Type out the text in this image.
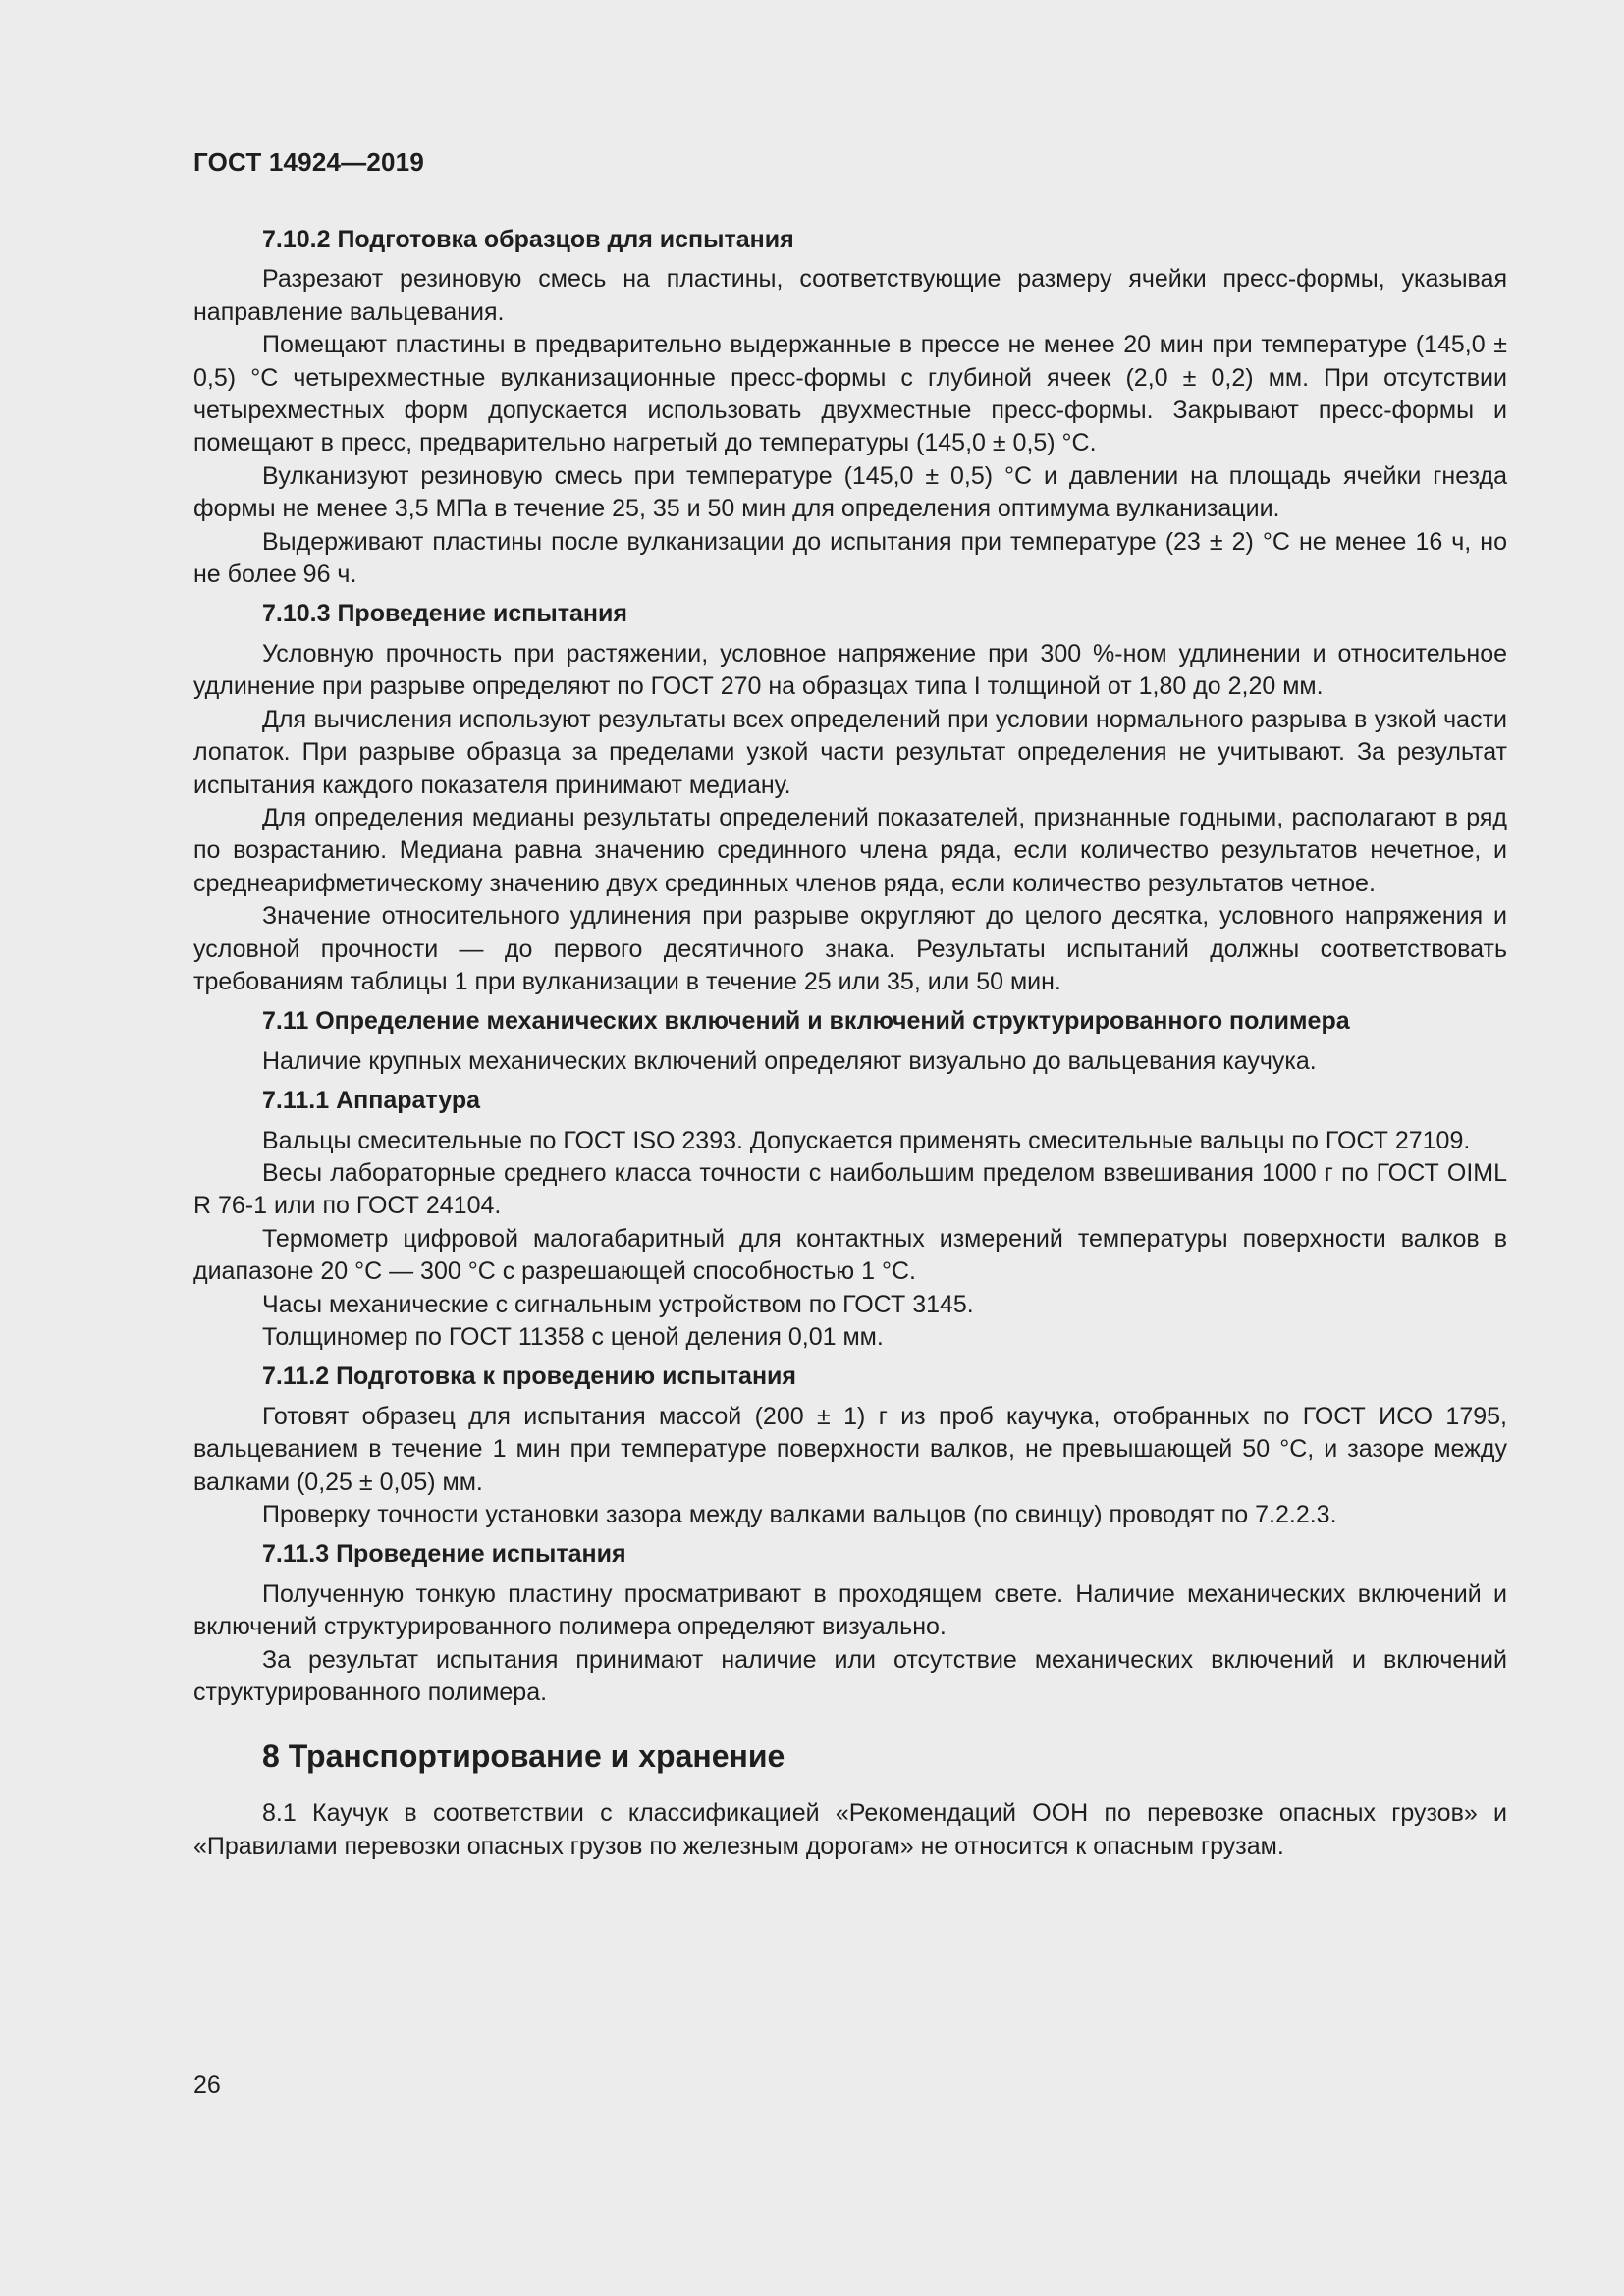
ГОСТ 14924—2019
7.10.2 Подготовка образцов для испытания
Разрезают резиновую смесь на пластины, соответствующие размеру ячейки пресс-формы, указывая направление вальцевания.
Помещают пластины в предварительно выдержанные в прессе не менее 20 мин при температуре (145,0 ± 0,5) °С четырехместные вулканизационные пресс-формы с глубиной ячеек (2,0 ± 0,2) мм. При отсутствии четырехместных форм допускается использовать двухместные пресс-формы. Закрывают пресс-формы и помещают в пресс, предварительно нагретый до температуры (145,0 ± 0,5) °С.
Вулканизуют резиновую смесь при температуре (145,0 ± 0,5) °С и давлении на площадь ячейки гнезда формы не менее 3,5 МПа в течение 25, 35 и 50 мин для определения оптимума вулканизации.
Выдерживают пластины после вулканизации до испытания при температуре (23 ± 2) °С не менее 16 ч, но не более 96 ч.
7.10.3 Проведение испытания
Условную прочность при растяжении, условное напряжение при 300 %-ном удлинении и относительное удлинение при разрыве определяют по ГОСТ 270 на образцах типа I толщиной от 1,80 до 2,20 мм.
Для вычисления используют результаты всех определений при условии нормального разрыва в узкой части лопаток. При разрыве образца за пределами узкой части результат определения не учитывают. За результат испытания каждого показателя принимают медиану.
Для определения медианы результаты определений показателей, признанные годными, располагают в ряд по возрастанию. Медиана равна значению срединного члена ряда, если количество результатов нечетное, и среднеарифметическому значению двух срединных членов ряда, если количество результатов четное.
Значение относительного удлинения при разрыве округляют до целого десятка, условного напряжения и условной прочности — до первого десятичного знака. Результаты испытаний должны соответствовать требованиям таблицы 1 при вулканизации в течение 25 или 35, или 50 мин.
7.11 Определение механических включений и включений структурированного полимера
Наличие крупных механических включений определяют визуально до вальцевания каучука.
7.11.1 Аппаратура
Вальцы смесительные по ГОСТ ISO 2393. Допускается применять смесительные вальцы по ГОСТ 27109.
Весы лабораторные среднего класса точности с наибольшим пределом взвешивания 1000 г по ГОСТ OIML R 76-1 или по ГОСТ 24104.
Термометр цифровой малогабаритный для контактных измерений температуры поверхности валков в диапазоне 20 °С — 300 °С с разрешающей способностью 1 °С.
Часы механические с сигнальным устройством по ГОСТ 3145.
Толщиномер по ГОСТ 11358 с ценой деления 0,01 мм.
7.11.2 Подготовка к проведению испытания
Готовят образец для испытания массой (200 ± 1) г из проб каучука, отобранных по ГОСТ ИСО 1795, вальцеванием в течение 1 мин при температуре поверхности валков, не превышающей 50 °С, и зазоре между валками (0,25 ± 0,05) мм.
Проверку точности установки зазора между валками вальцов (по свинцу) проводят по 7.2.2.3.
7.11.3 Проведение испытания
Полученную тонкую пластину просматривают в проходящем свете. Наличие механических включений и включений структурированного полимера определяют визуально.
За результат испытания принимают наличие или отсутствие механических включений и включений структурированного полимера.
8 Транспортирование и хранение
8.1 Каучук в соответствии с классификацией «Рекомендаций ООН по перевозке опасных грузов» и «Правилами перевозки опасных грузов по железным дорогам» не относится к опасным грузам.
26
